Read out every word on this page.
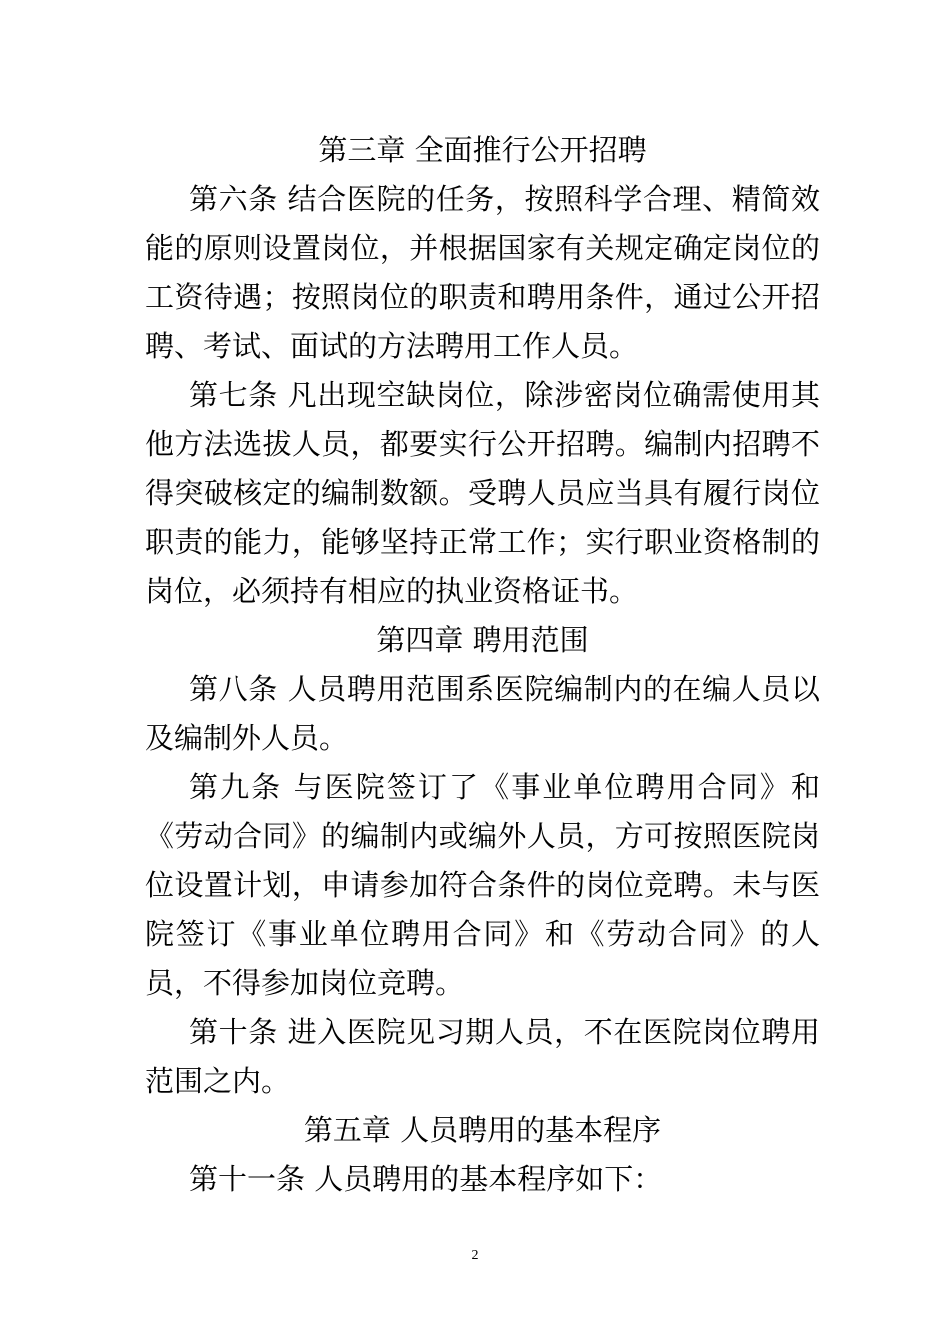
第三章 全面推行公开招聘

第六条 结合医院的任务，按照科学合理、精简效能的原则设置岗位，并根据国家有关规定确定岗位的工资待遇；按照岗位的职责和聘用条件，通过公开招聘、考试、面试的方法聘用工作人员。

第七条 凡出现空缺岗位，除涉密岗位确需使用其他方法选拔人员，都要实行公开招聘。编制内招聘不得突破核定的编制数额。受聘人员应当具有履行岗位职责的能力，能够坚持正常工作；实行职业资格制的岗位，必须持有相应的执业资格证书。

第四章 聘用范围

第八条 人员聘用范围系医院编制内的在编人员以及编制外人员。

第九条 与医院签订了《事业单位聘用合同》和《劳动合同》的编制内或编外人员，方可按照医院岗位设置计划，申请参加符合条件的岗位竞聘。未与医院签订《事业单位聘用合同》和《劳动合同》的人员，不得参加岗位竞聘。

第十条 进入医院见习期人员，不在医院岗位聘用范围之内。

第五章 人员聘用的基本程序

第十一条 人员聘用的基本程序如下：

2
